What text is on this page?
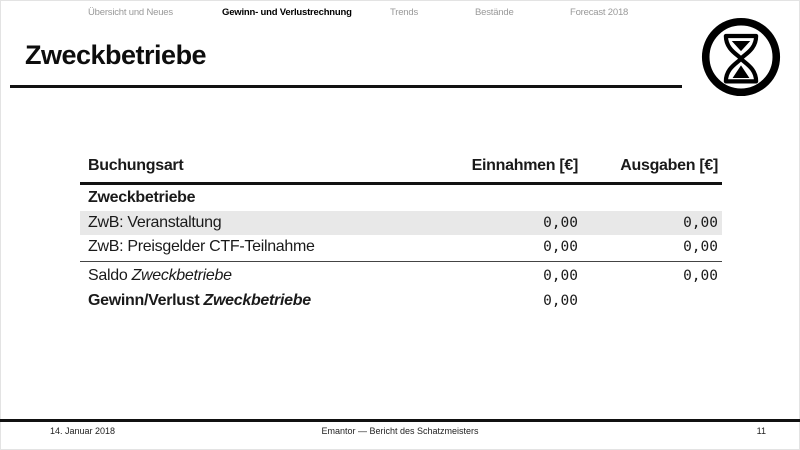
Übersicht und Neues	Gewinn- und Verlustrechnung	Trends	Bestände	Forecast 2018
Zweckbetriebe
Buchungsart	Einnahmen [€]	Ausgaben [€]
Zweckbetriebe
ZwB: Veranstaltung	0,00	0,00
ZwB: Preisgelder CTF-Teilnahme	0,00	0,00
Saldo Zweckbetriebe	0,00	0,00
Gewinn/Verlust Zweckbetriebe	0,00
14. Januar 2018	Emantor — Bericht des Schatzmeisters	11
